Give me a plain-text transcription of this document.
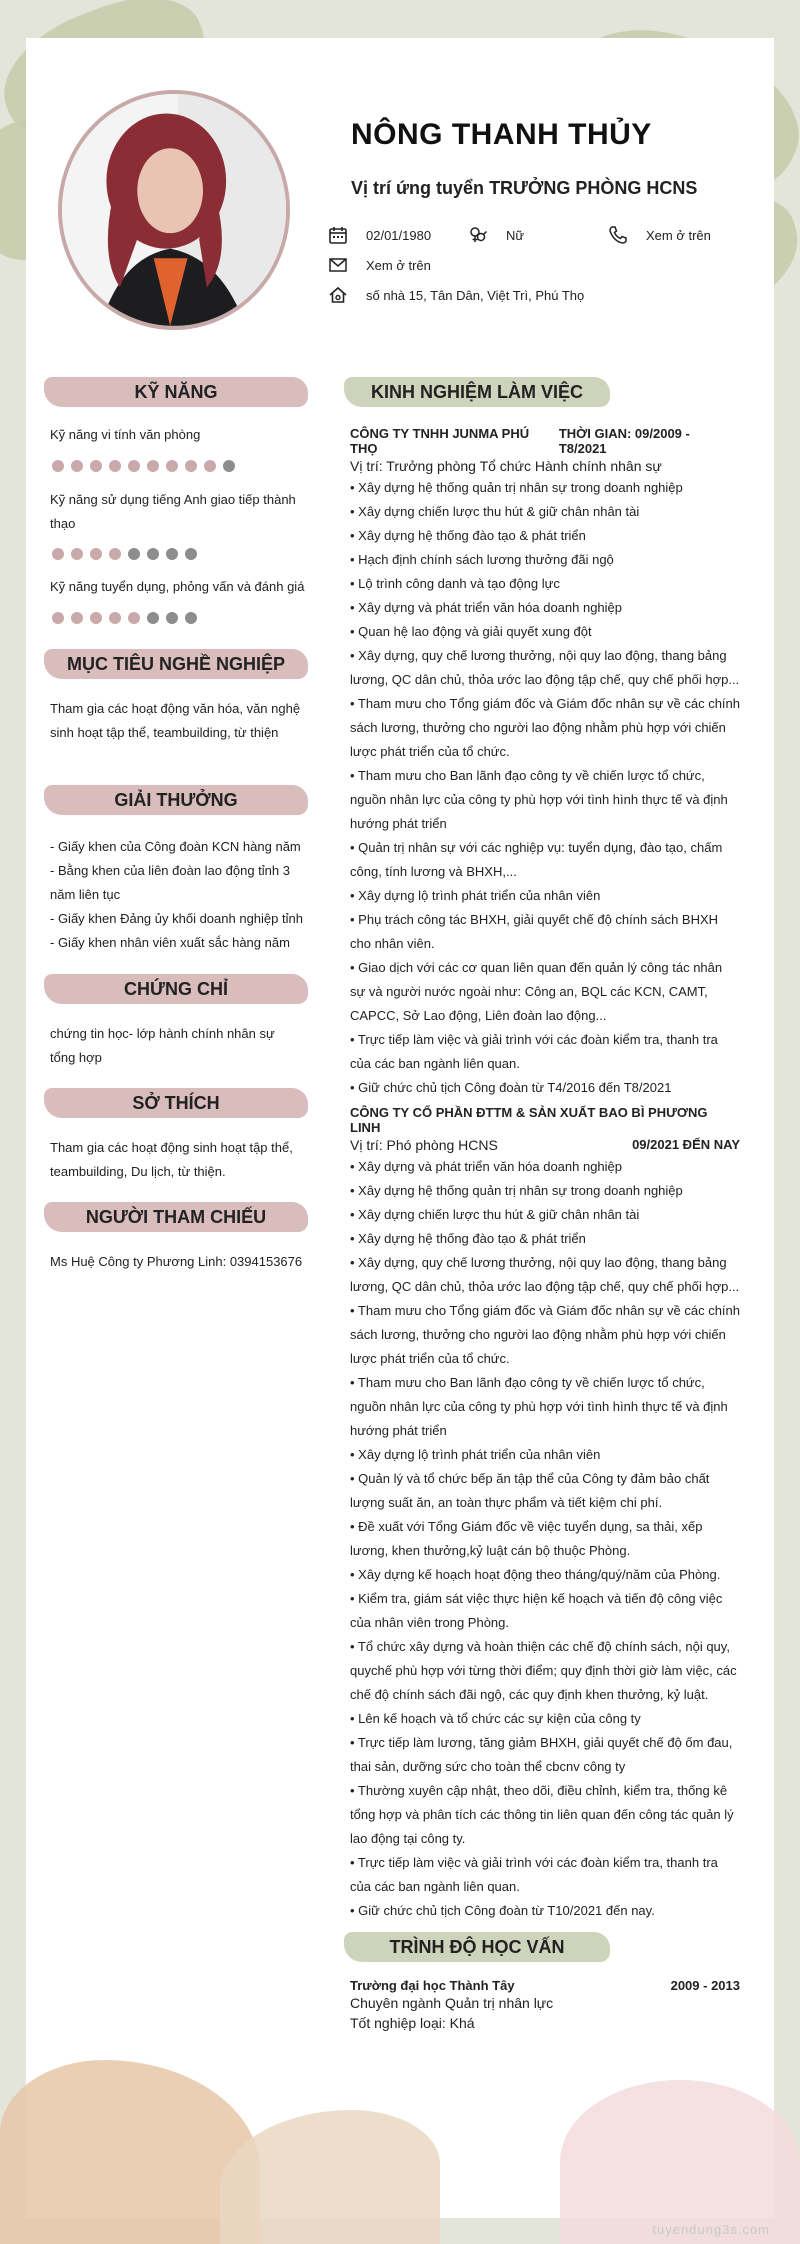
NÔNG THANH THỦY
Vị trí ứng tuyển TRƯỞNG PHÒNG HCNS
02/01/1980	Nữ	Xem ở trên
Xem ở trên
số nhà 15, Tân Dân, Việt Trì, Phú Thọ
KỸ NĂNG
Kỹ năng vi tính văn phòng
Kỹ năng sử dụng tiếng Anh giao tiếp thành thạo
Kỹ năng tuyển dụng, phỏng vấn và đánh giá
MỤC TIÊU NGHỀ NGHIỆP
Tham gia các hoạt động văn hóa, văn nghệ sinh hoạt tập thể, teambuilding, từ thiện
GIẢI THƯỞNG
- Giấy khen của Công đoàn KCN hàng năm
- Bằng khen của liên đoàn lao động tỉnh 3 năm liên tục
- Giấy khen Đảng ủy khối doanh nghiệp tỉnh
- Giấy khen nhân viên xuất sắc hàng năm
CHỨNG CHỈ
chứng tin học- lớp hành chính nhân sự tổng hợp
SỞ THÍCH
Tham gia các hoạt động sinh hoạt tập thể, teambuilding, Du lịch, từ thiện.
NGƯỜI THAM CHIẾU
Ms Huệ Công ty Phương Linh: 0394153676
KINH NGHIỆM LÀM VIỆC
CÔNG TY TNHH JUNMA PHÚ THỌ
THỜI GIAN: 09/2009 - T8/2021
Vị trí: Trưởng phòng Tổ chức Hành chính nhân sự
• Xây dựng hệ thống quản trị nhân sự trong doanh nghiệp
• Xây dựng chiến lược thu hút & giữ chân nhân tài
• Xây dựng hệ thống đào tạo & phát triển
• Hạch định chính sách lương thưởng đãi ngộ
• Lộ trình công danh và tạo động lực
• Xây dựng và phát triển văn hóa doanh nghiệp
• Quan hệ lao động và giải quyết xung đột
• Xây dựng, quy chế lương thưởng, nội quy lao động, thang bảng lương, QC dân chủ, thỏa ước lao động tập chế, quy chế phối hợp...
• Tham mưu cho Tổng giám đốc và Giám đốc nhân sự về các chính sách lương, thưởng cho người lao động nhằm phù hợp với chiến lược phát triển của tổ chức.
• Tham mưu cho Ban lãnh đạo công ty về chiến lược tổ chức, nguồn nhân lực của công ty phù hợp với tình hình thực tế và định hướng phát triển
• Quản trị nhân sự với các nghiệp vụ: tuyển dụng, đào tạo, chấm công, tính lương và BHXH,...
• Xây dựng lộ trình phát triển của nhân viên
• Phụ trách công tác BHXH, giải quyết chế độ chính sách BHXH cho nhân viên.
• Giao dịch với các cơ quan liên quan đến quản lý công tác nhân sự và người nước ngoài như: Công an, BQL các KCN, CAMT, CAPCC, Sở Lao động, Liên đoàn lao động...
• Trực tiếp làm việc và giải trình với các đoàn kiểm tra, thanh tra của các ban ngành liên quan.
• Giữ chức chủ tịch Công đoàn từ T4/2016 đến T8/2021
CÔNG TY CỔ PHẦN ĐTTM & SẢN XUẤT BAO BÌ PHƯƠNG LINH
Vị trí: Phó phòng HCNS	09/2021 ĐẾN NAY
• Xây dựng và phát triển văn hóa doanh nghiệp
• Xây dựng hệ thống quản trị nhân sự trong doanh nghiệp
• Xây dựng chiến lược thu hút & giữ chân nhân tài
• Xây dựng hệ thống đào tạo & phát triển
• Xây dựng, quy chế lương thưởng, nội quy lao động, thang bảng lương, QC dân chủ, thỏa ước lao động tập chế, quy chế phối hợp...
• Tham mưu cho Tổng giám đốc và Giám đốc nhân sự về các chính sách lương, thưởng cho người lao động nhằm phù hợp với chiến lược phát triển của tổ chức.
• Tham mưu cho Ban lãnh đạo công ty về chiến lược tổ chức, nguồn nhân lực của công ty phù hợp với tình hình thực tế và định hướng phát triển
• Xây dựng lộ trình phát triển của nhân viên
• Quản lý và tổ chức bếp ăn tập thể của Công ty đảm bảo chất lượng suất ăn, an toàn thực phẩm và tiết kiệm chi phí.
• Đề xuất với Tổng Giám đốc về việc tuyển dụng, sa thải, xếp lương, khen thưởng,kỷ luật cán bộ thuộc Phòng.
• Xây dựng kế hoạch hoạt động theo tháng/quý/năm của Phòng.
• Kiểm tra, giám sát việc thực hiện kế hoạch và tiến độ công việc của nhân viên trong Phòng.
• Tổ chức xây dựng và hoàn thiện các chế độ chính sách, nội quy, quychế phù hợp với từng thời điểm; quy định thời giờ làm việc, các chế độ chính sách đãi ngộ, các quy định khen thưởng, kỷ luật.
• Lên kế hoạch và tổ chức các sự kiện của công ty
• Trực tiếp làm lương, tăng giảm BHXH, giải quyết chế độ ốm đau, thai sản, dưỡng sức cho toàn thể cbcnv công ty
• Thường xuyên cập nhật, theo dõi, điều chỉnh, kiểm tra, thống kê tổng hợp và phân tích các thông tin liên quan đến công tác quản lý lao động tại công ty.
• Trực tiếp làm việc và giải trình với các đoàn kiểm tra, thanh tra của các ban ngành liên quan.
• Giữ chức chủ tịch Công đoàn từ T10/2021 đến nay.
TRÌNH ĐỘ HỌC VẤN
Trường đại học Thành Tây	2009 - 2013
Chuyên ngành Quản trị nhân lực
Tốt nghiệp loại: Khá
tuyendung3s.com
